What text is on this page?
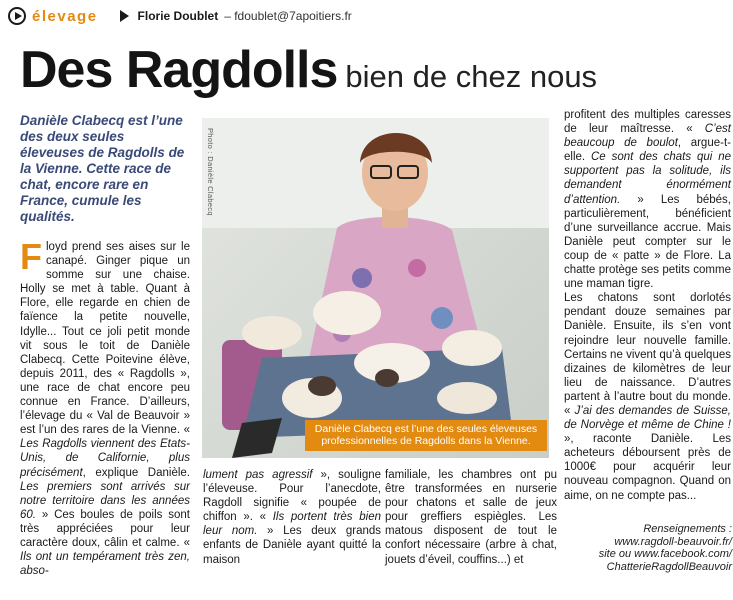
élevage	Florie Doublet – fdoublet@7apoitiers.fr
Des Ragdolls bien de chez nous
Danièle Clabecq est l’une des deux seules éleveuses de Ragdolls de la Vienne. Cette race de chat, encore rare en France, cumule les qualités.

Floyd prend ses aises sur le canapé. Ginger pique un somme sur une chaise. Holly se met à table. Quant à Flore, elle regarde en chien de faïence la petite nouvelle, Idylle... Tout ce joli petit monde vit sous le toit de Danièle Clabecq. Cette Poitevine élève, depuis 2011, des « Ragdolls », une race de chat encore peu connue en France. D’ailleurs, l’élevage du « Val de Beauvoir » est l’un des rares de la Vienne. « Les Ragdolls viennent des Etats-Unis, de Californie, plus précisément, explique Danièle. Les premiers sont arrivés sur notre territoire dans les années 60. » Ces boules de poils sont très appréciées pour leur caractère doux, câlin et calme. « Ils ont un tempérament très zen, abso-

Photo : Danièle Clabecq
Danièle Clabecq est l’une des seules éleveuses professionnelles de Ragdolls dans la Vienne.

lument pas agressif », souligne l’éleveuse. Pour l’anecdote, Ragdoll signifie « poupée de chiffon ». « Ils portent très bien leur nom. » Les deux grands enfants de Danièle ayant quitté la maison

familiale, les chambres ont pu être transformées en nurserie pour chatons et salle de jeux pour greffiers espiègles. Les matous disposent de tout le confort nécessaire (arbre à chat, jouets d’éveil, couffins...) et

profitent des multiples caresses de leur maîtresse. « C’est beaucoup de boulot, argue-t-elle. Ce sont des chats qui ne supportent pas la solitude, ils demandent énormément d’attention. » Les bébés, particulièrement, bénéficient d’une surveillance accrue. Mais Danièle peut compter sur le coup de « patte » de Flore. La chatte protège ses petits comme une maman tigre.

Les chatons sont dorlotés pendant douze semaines par Danièle. Ensuite, ils s’en vont rejoindre leur nouvelle famille. Certains ne vivent qu’à quelques dizaines de kilomètres de leur lieu de naissance. D’autres partent à l’autre bout du monde. « J’ai des demandes de Suisse, de Norvège et même de Chine ! », raconte Danièle. Les acheteurs déboursent près de 1000€ pour acquérir leur nouveau compagnon. Quand on aime, on ne compte pas...

Renseignements :
www.ragdoll-beauvoir.fr/
site ou www.facebook.com/
ChatterieRagdollBeauvoir
